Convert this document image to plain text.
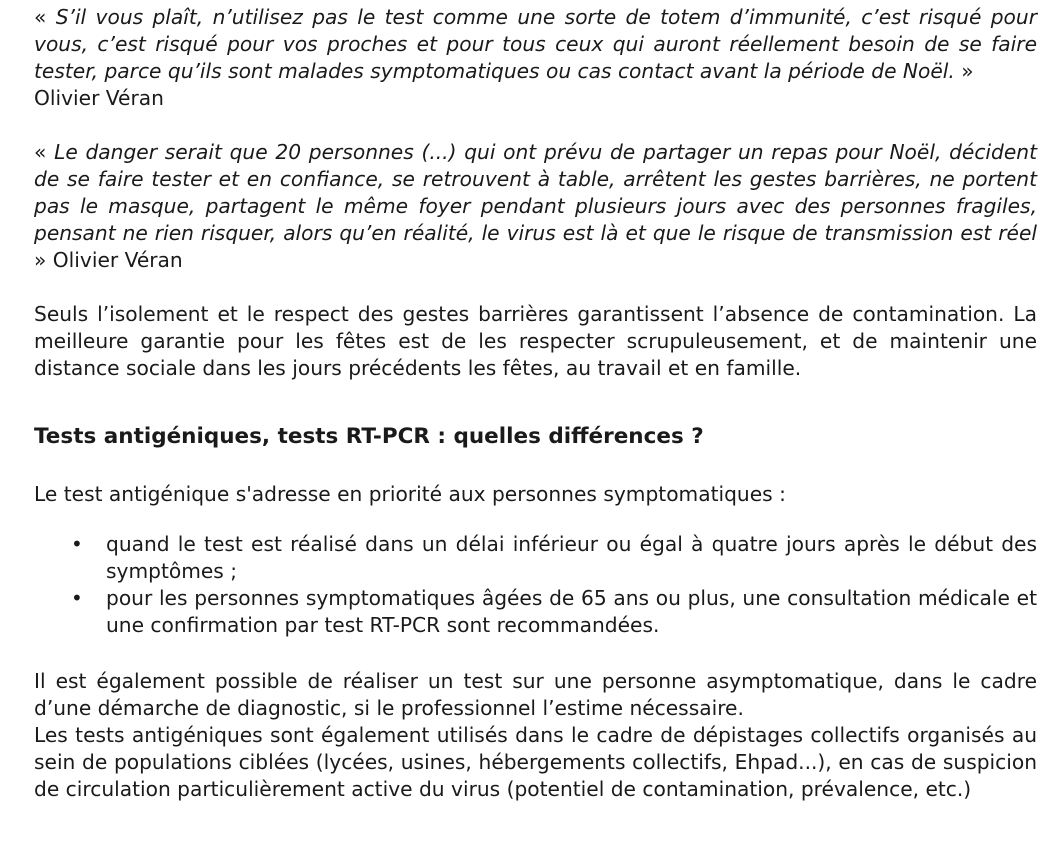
« S’il vous plaît, n’utilisez pas le test comme une sorte de totem d’immunité, c’est risqué pour vous, c’est risqué pour vos proches et pour tous ceux qui auront réellement besoin de se faire tester, parce qu’ils sont malades symptomatiques ou cas contact avant la période de Noël. »
Olivier Véran

« Le danger serait que 20 personnes (...) qui ont prévu de partager un repas pour Noël, décident de se faire tester et en confiance, se retrouvent à table, arrêtent les gestes barrières, ne portent pas le masque, partagent le même foyer pendant plusieurs jours avec des personnes fragiles, pensant ne rien risquer, alors qu’en réalité, le virus est là et que le risque de transmission est réel » Olivier Véran

Seuls l’isolement et le respect des gestes barrières garantissent l’absence de contamination. La meilleure garantie pour les fêtes est de les respecter scrupuleusement, et de maintenir une distance sociale dans les jours précédents les fêtes, au travail et en famille.

Tests antigéniques, tests RT-PCR : quelles différences ?

Le test antigénique s'adresse en priorité aux personnes symptomatiques :

• quand le test est réalisé dans un délai inférieur ou égal à quatre jours après le début des symptômes ;
• pour les personnes symptomatiques âgées de 65 ans ou plus, une consultation médicale et une confirmation par test RT-PCR sont recommandées.

Il est également possible de réaliser un test sur une personne asymptomatique, dans le cadre d’une démarche de diagnostic, si le professionnel l’estime nécessaire.

Les tests antigéniques sont également utilisés dans le cadre de dépistages collectifs organisés au sein de populations ciblées (lycées, usines, hébergements collectifs, Ehpad...), en cas de suspicion de circulation particulièrement active du virus (potentiel de contamination, prévalence, etc.)
